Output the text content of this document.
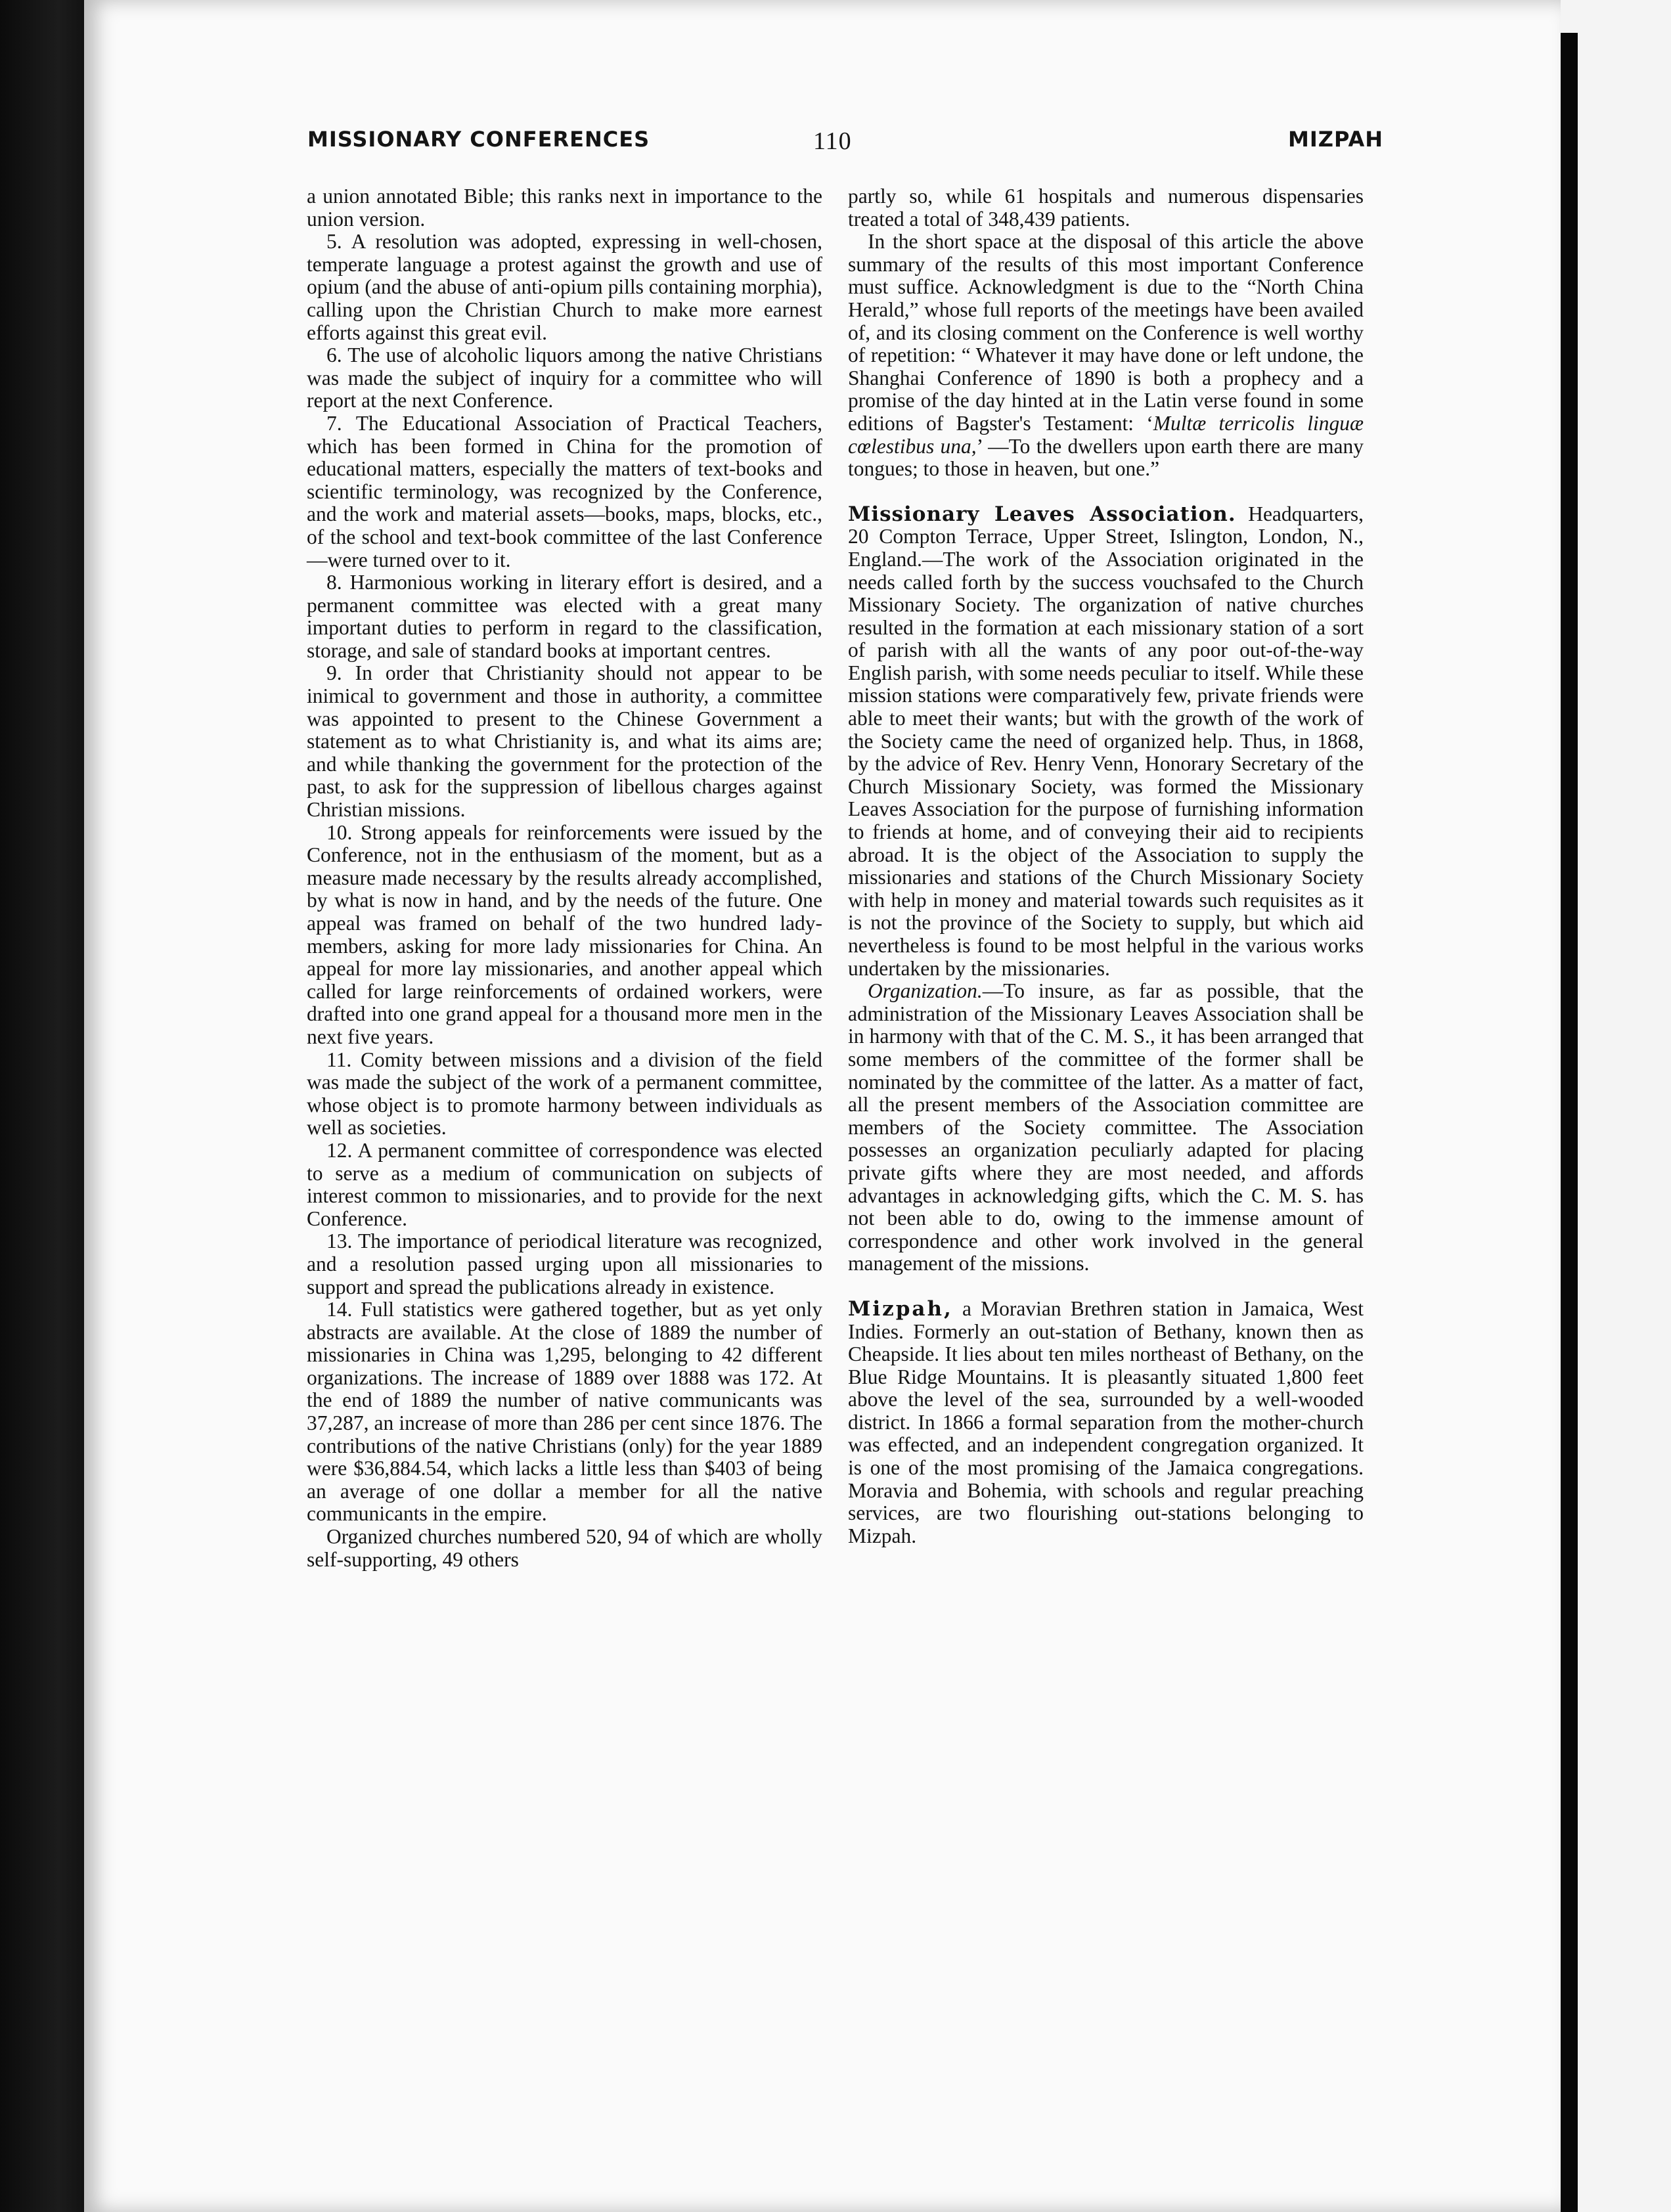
MISSIONARY CONFERENCES	110	MIZPAH

a union annotated Bible; this ranks next in importance to the union version.

5. A resolution was adopted, expressing in well-chosen, temperate language a protest against the growth and use of opium (and the abuse of anti-opium pills containing morphia), calling upon the Christian Church to make more earnest efforts against this great evil.

6. The use of alcoholic liquors among the native Christians was made the subject of inquiry for a committee who will report at the next Conference.

7. The Educational Association of Practical Teachers, which has been formed in China for the promotion of educational matters, especially the matters of text-books and scientific terminology, was recognized by the Conference, and the work and material assets—books, maps, blocks, etc., of the school and text-book committee of the last Conference—were turned over to it.

8. Harmonious working in literary effort is desired, and a permanent committee was elected with a great many important duties to perform in regard to the classification, storage, and sale of standard books at important centres.

9. In order that Christianity should not appear to be inimical to government and those in authority, a committee was appointed to present to the Chinese Government a statement as to what Christianity is, and what its aims are; and while thanking the government for the protection of the past, to ask for the suppression of libellous charges against Christian missions.

10. Strong appeals for reinforcements were issued by the Conference, not in the enthusiasm of the moment, but as a measure made necessary by the results already accomplished, by what is now in hand, and by the needs of the future. One appeal was framed on behalf of the two hundred lady-members, asking for more lady missionaries for China. An appeal for more lay missionaries, and another appeal which called for large reinforcements of ordained workers, were drafted into one grand appeal for a thousand more men in the next five years.

11. Comity between missions and a division of the field was made the subject of the work of a permanent committee, whose object is to promote harmony between individuals as well as societies.

12. A permanent committee of correspondence was elected to serve as a medium of communication on subjects of interest common to missionaries, and to provide for the next Conference.

13. The importance of periodical literature was recognized, and a resolution passed urging upon all missionaries to support and spread the publications already in existence.

14. Full statistics were gathered together, but as yet only abstracts are available. At the close of 1889 the number of missionaries in China was 1,295, belonging to 42 different organizations. The increase of 1889 over 1888 was 172. At the end of 1889 the number of native communicants was 37,287, an increase of more than 286 per cent since 1876. The contributions of the native Christians (only) for the year 1889 were $36,884.54, which lacks a little less than $403 of being an average of one dollar a member for all the native communicants in the empire.

Organized churches numbered 520, 94 of which are wholly self-supporting, 49 others

partly so, while 61 hospitals and numerous dispensaries treated a total of 348,439 patients.

In the short space at the disposal of this article the above summary of the results of this most important Conference must suffice. Acknowledgment is due to the “North China Herald,” whose full reports of the meetings have been availed of, and its closing comment on the Conference is well worthy of repetition: “ Whatever it may have done or left undone, the Shanghai Conference of 1890 is both a prophecy and a promise of the day hinted at in the Latin verse found in some editions of Bagster's Testament: ‘Multæ terricolis linguæ cœlestibus una,’ —To the dwellers upon earth there are many tongues; to those in heaven, but one.”

Missionary Leaves Association. Headquarters, 20 Compton Terrace, Upper Street, Islington, London, N., England.—The work of the Association originated in the needs called forth by the success vouchsafed to the Church Missionary Society. The organization of native churches resulted in the formation at each missionary station of a sort of parish with all the wants of any poor out-of-the-way English parish, with some needs peculiar to itself. While these mission stations were comparatively few, private friends were able to meet their wants; but with the growth of the work of the Society came the need of organized help. Thus, in 1868, by the advice of Rev. Henry Venn, Honorary Secretary of the Church Missionary Society, was formed the Missionary Leaves Association for the purpose of furnishing information to friends at home, and of conveying their aid to recipients abroad. It is the object of the Association to supply the missionaries and stations of the Church Missionary Society with help in money and material towards such requisites as it is not the province of the Society to supply, but which aid nevertheless is found to be most helpful in the various works undertaken by the missionaries.

Organization.—To insure, as far as possible, that the administration of the Missionary Leaves Association shall be in harmony with that of the C. M. S., it has been arranged that some members of the committee of the former shall be nominated by the committee of the latter. As a matter of fact, all the present members of the Association committee are members of the Society committee. The Association possesses an organization peculiarly adapted for placing private gifts where they are most needed, and affords advantages in acknowledging gifts, which the C. M. S. has not been able to do, owing to the immense amount of correspondence and other work involved in the general management of the missions.

Mizpah, a Moravian Brethren station in Jamaica, West Indies. Formerly an out-station of Bethany, known then as Cheapside. It lies about ten miles northeast of Bethany, on the Blue Ridge Mountains. It is pleasantly situated 1,800 feet above the level of the sea, surrounded by a well-wooded district. In 1866 a formal separation from the mother-church was effected, and an independent congregation organized. It is one of the most promising of the Jamaica congregations. Moravia and Bohemia, with schools and regular preaching services, are two flourishing out-stations belonging to Mizpah.
